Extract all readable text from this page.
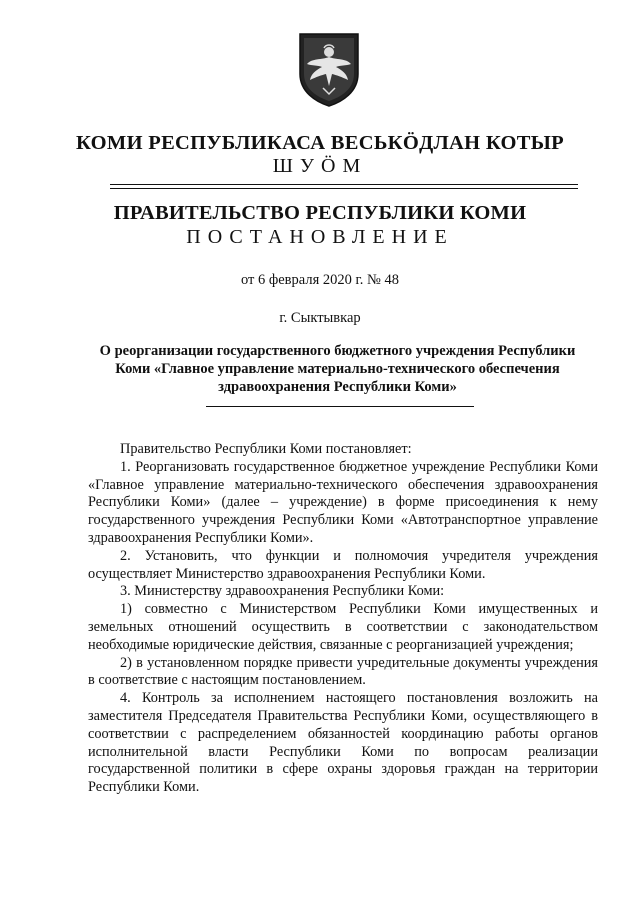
КОМИ РЕСПУБЛИКАСА ВЕСЬКӦДЛАН КОТЫР
ШУӦМ
ПРАВИТЕЛЬСТВО РЕСПУБЛИКИ КОМИ
ПОСТАНОВЛЕНИЕ
от 6 февраля 2020 г. № 48
г. Сыктывкар
О реорганизации государственного бюджетного учреждения Республики Коми «Главное управление материально-технического обеспечения здравоохранения Республики Коми»

Правительство Республики Коми постановляет:

1. Реорганизовать государственное бюджетное учреждение Республики Коми «Главное управление материально-технического обеспечения здравоохранения Республики Коми» (далее – учреждение) в форме присоединения к нему государственного учреждения Республики Коми «Автотранспортное управление здравоохранения Республики Коми».

2. Установить, что функции и полномочия учредителя учреждения осуществляет Министерство здравоохранения Республики Коми.

3. Министерству здравоохранения Республики Коми:

1) совместно с Министерством Республики Коми имущественных и земельных отношений осуществить в соответствии с законодательством необходимые юридические действия, связанные с реорганизацией учреждения;

2) в установленном порядке привести учредительные документы учреждения в соответствие с настоящим постановлением.

4. Контроль за исполнением настоящего постановления возложить на заместителя Председателя Правительства Республики Коми, осуществляющего в соответствии с распределением обязанностей координацию работы органов исполнительной власти Республики Коми по вопросам реализации государственной политики в сфере охраны здоровья граждан на территории Республики Коми.
